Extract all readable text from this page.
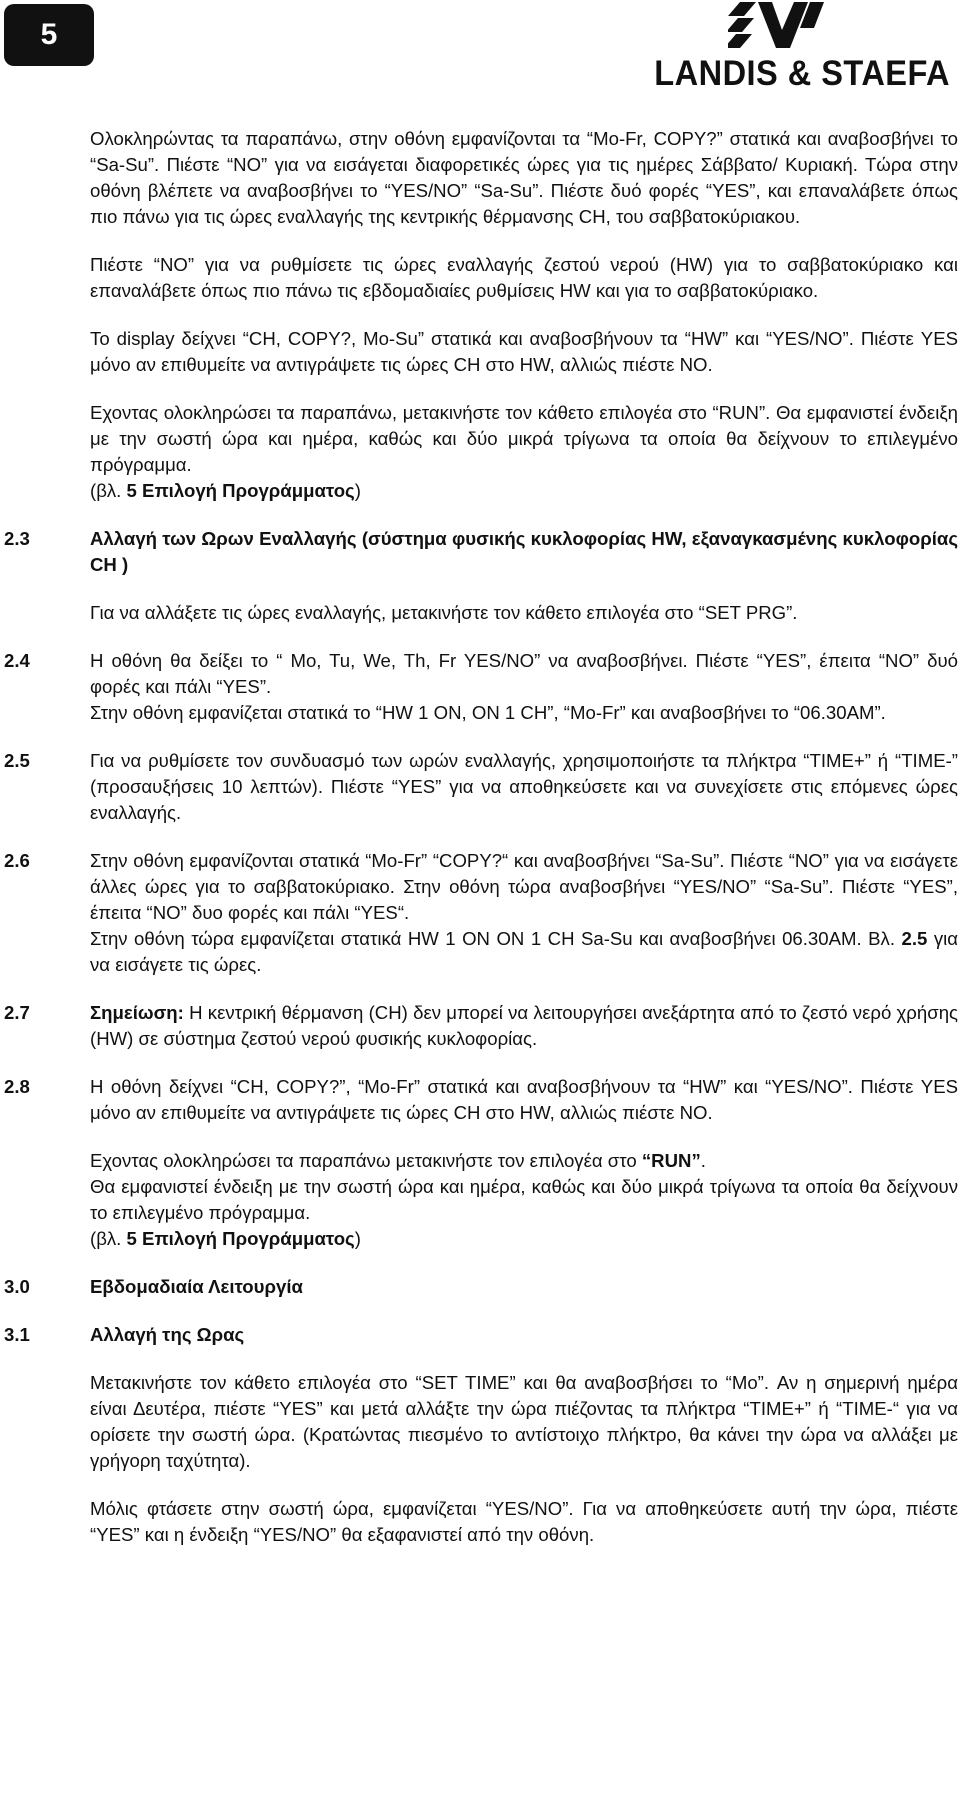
5
LANDIS & STAEFA

Ολοκληρώντας τα παραπάνω, στην οθόνη εμφανίζονται τα “Mo-Fr, COPY?” στατικά και αναβοσβήνει το “Sa-Su”. Πιέστε “NO” για να εισάγεται διαφορετικές ώρες για τις ημέρες Σάββατο/ Κυριακή. Τώρα στην οθόνη βλέπετε να αναβοσβήνει το “YES/NO” “Sa-Su”. Πιέστε δυό φορές “YES”, και επαναλάβετε όπως πιο πάνω για τις ώρες εναλλαγής της κεντρικής θέρμανσης CH, του σαββατοκύριακου.

Πιέστε “NO” για να ρυθμίσετε τις ώρες εναλλαγής ζεστού νερού (HW) για το σαββατοκύριακο και επαναλάβετε όπως πιο πάνω τις εβδομαδιαίες ρυθμίσεις HW και για το σαββατοκύριακο.

Το display δείχνει “CH, COPY?, Mo-Su” στατικά και αναβοσβήνουν τα “HW” και “YES/NO”. Πιέστε YES μόνο αν επιθυμείτε να αντιγράψετε τις ώρες CH στο HW, αλλιώς πιέστε NO.

Εχοντας ολοκληρώσει τα παραπάνω, μετακινήστε τον κάθετο επιλογέα στο “RUN”. Θα εμφανιστεί ένδειξη με την σωστή ώρα και ημέρα, καθώς και δύο μικρά τρίγωνα τα οποία θα δείχνουν το επιλεγμένο πρόγραμμα.

(βλ. 5 Επιλογή Προγράμματος)

2.3	Αλλαγή των Ωρων Εναλλαγής (σύστημα φυσικής κυκλοφορίας HW, εξαναγκασμένης κυκλοφορίας CH )

Για να αλλάξετε τις ώρες εναλλαγής, μετακινήστε τον κάθετο επιλογέα στο “SET PRG”.

2.4	Η οθόνη θα δείξει το “ Mo, Tu, We, Th, Fr YES/NO” να αναβοσβήνει. Πιέστε “YES”, έπειτα “NO” δυό φορές και πάλι “YES”.

Στην οθόνη εμφανίζεται στατικά το “HW 1 ON, ON 1 CH”, “Mo-Fr” και αναβοσβήνει το “06.30AM”.

2.5	Για να ρυθμίσετε τον συνδυασμό των ωρών εναλλαγής, χρησιμοποιήστε τα πλήκτρα “TIME+” ή “TIME-” (προσαυξήσεις 10 λεπτών). Πιέστε “YES” για να αποθηκεύσετε και να συνεχίσετε στις επόμενες ώρες εναλλαγής.

2.6	Στην οθόνη εμφανίζονται στατικά “Mo-Fr” “COPY?“ και αναβοσβήνει “Sa-Su”. Πιέστε “NO” για να εισάγετε άλλες ώρες για το σαββατοκύριακο. Στην οθόνη τώρα αναβοσβήνει “YES/NO” “Sa-Su”. Πιέστε “YES”, έπειτα “NO” δυο φορές και πάλι “YES“.

Στην οθόνη τώρα εμφανίζεται στατικά HW 1 ON ON 1 CH Sa-Su και αναβοσβήνει 06.30AM. Βλ. 2.5 για να εισάγετε τις ώρες.

2.7	Σημείωση: Η κεντρική θέρμανση (CH) δεν μπορεί να λειτουργήσει ανεξάρτητα από το ζεστό νερό χρήσης (HW) σε σύστημα ζεστού νερού φυσικής κυκλοφορίας.

2.8	Η οθόνη δείχνει “CH, COPY?”, “Mo-Fr” στατικά και αναβοσβήνουν τα “HW” και “YES/NO”. Πιέστε YES μόνο αν επιθυμείτε να αντιγράψετε τις ώρες CH στο HW, αλλιώς πιέστε NO.

Εχοντας ολοκληρώσει τα παραπάνω μετακινήστε τον επιλογέα στο “RUN”.

Θα εμφανιστεί ένδειξη με την σωστή ώρα και ημέρα, καθώς και δύο μικρά τρίγωνα τα οποία θα δείχνουν το επιλεγμένο πρόγραμμα.

(βλ. 5 Επιλογή Προγράμματος)

3.0	Εβδομαδιαία Λειτουργία

3.1	Αλλαγή της Ωρας

Μετακινήστε τον κάθετο επιλογέα στο “SET TIME” και θα αναβοσβήσει το “Mo”. Αν η σημερινή ημέρα είναι Δευτέρα, πιέστε “YES” και μετά αλλάξτε την ώρα πιέζοντας τα πλήκτρα “TIME+” ή “TIME-“ για να ορίσετε την σωστή ώρα. (Κρατώντας πιεσμένο το αντίστοιχο πλήκτρο, θα κάνει την ώρα να αλλάξει με γρήγορη ταχύτητα).

Μόλις φτάσετε στην σωστή ώρα, εμφανίζεται “YES/NO”. Για να αποθηκεύσετε αυτή την ώρα, πιέστε “YES” και η ένδειξη “YES/NO” θα εξαφανιστεί από την οθόνη.
